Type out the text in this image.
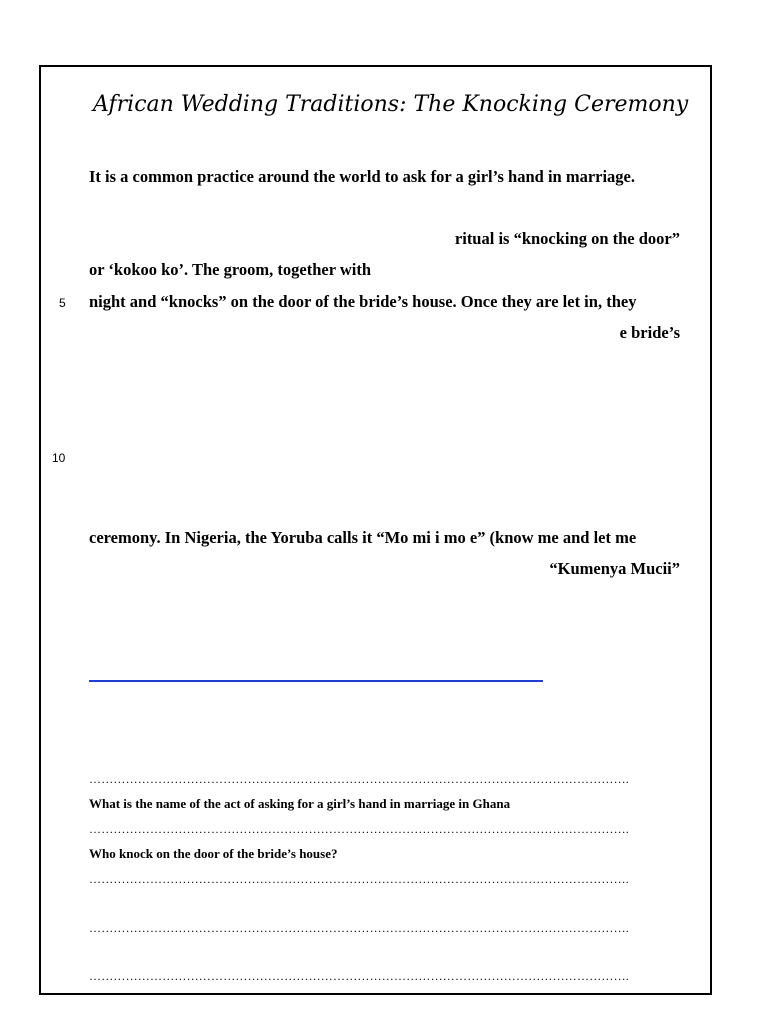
African Wedding Traditions: The Knocking Ceremony
It is a common practice around the world to ask for a girl’s hand in marriage.
ritual is “knocking on the door”
or ‘kokoo ko’. The groom, together with
5 night and “knocks” on the door of the bride’s house. Once they are let in, they
e bride’s
10
ceremony. In Nigeria, the Yoruba calls it “Mo mi i mo e” (know me and let me
“Kumenya Mucii”
…………………………………………………………………………………………………………………….
What is the name of the act of asking for a girl’s hand in marriage in Ghana
…………………………………………………………………………………………………………………….
Who knock on the door of the bride’s house?
…………………………………………………………………………………………………………………….
…………………………………………………………………………………………………………………….
…………………………………………………………………………………………………………………….
